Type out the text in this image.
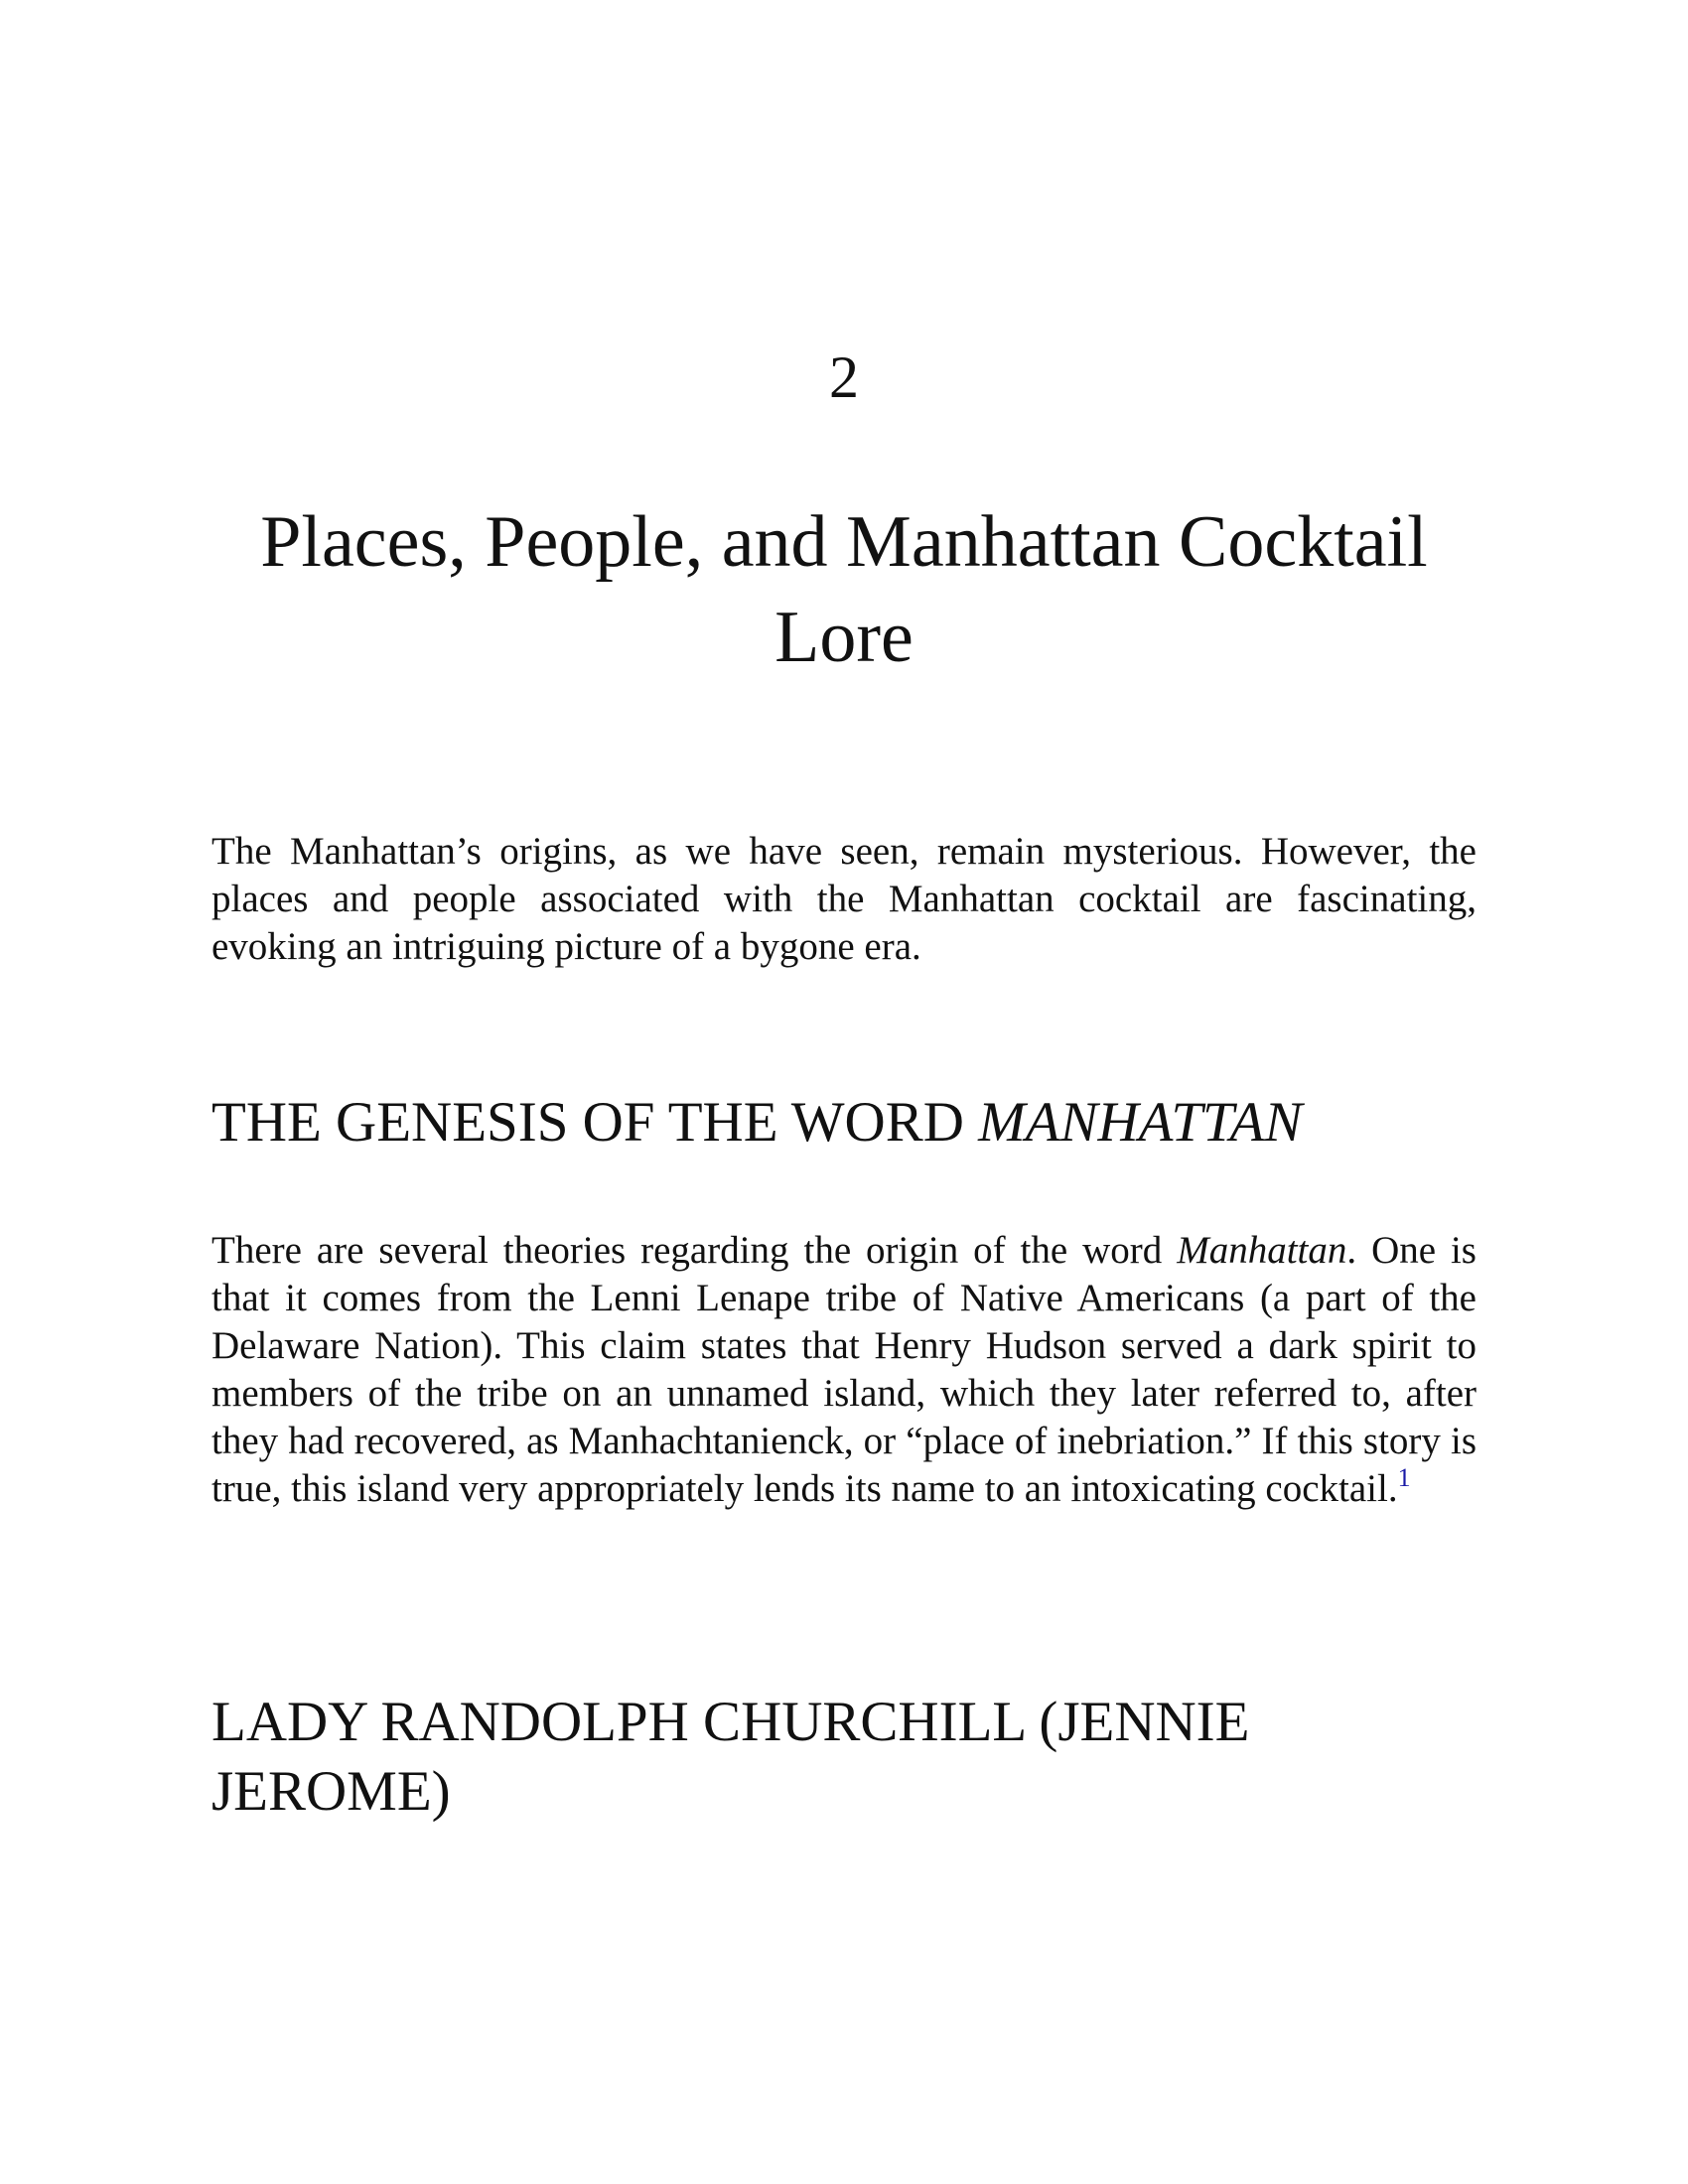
2
Places, People, and Manhattan Cocktail Lore

The Manhattan’s origins, as we have seen, remain mysterious. However, the places and people associated with the Manhattan cocktail are fascinating, evoking an intriguing picture of a bygone era.

THE GENESIS OF THE WORD MANHATTAN

There are several theories regarding the origin of the word Manhattan. One is that it comes from the Lenni Lenape tribe of Native Americans (a part of the Delaware Nation). This claim states that Henry Hudson served a dark spirit to members of the tribe on an unnamed island, which they later referred to, after they had recovered, as Manhachtanienck, or “place of inebriation.” If this story is true, this island very appropriately lends its name to an intoxicating cocktail.$^1$

LADY RANDOLPH CHURCHILL (JENNIE JEROME)
